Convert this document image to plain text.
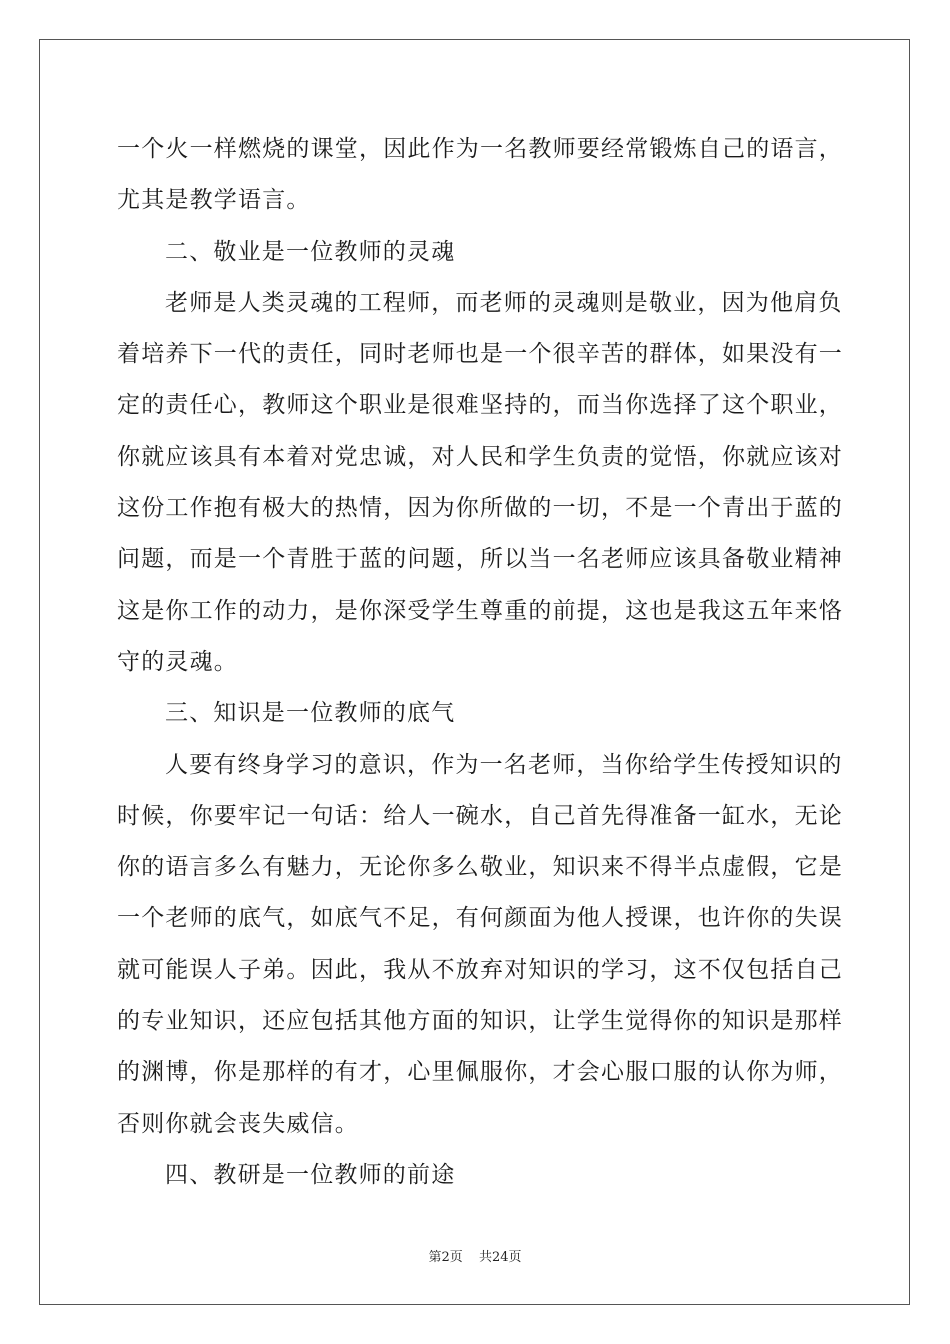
一个火一样燃烧的课堂，因此作为一名教师要经常锻炼自己的语言，
尤其是教学语言。
二、敬业是一位教师的灵魂
老师是人类灵魂的工程师，而老师的灵魂则是敬业，因为他肩负
着培养下一代的责任，同时老师也是一个很辛苦的群体，如果没有一
定的责任心，教师这个职业是很难坚持的，而当你选择了这个职业，
你就应该具有本着对党忠诚，对人民和学生负责的觉悟，你就应该对
这份工作抱有极大的热情，因为你所做的一切，不是一个青出于蓝的
问题，而是一个青胜于蓝的问题，所以当一名老师应该具备敬业精神
这是你工作的动力，是你深受学生尊重的前提，这也是我这五年来恪
守的灵魂。
三、知识是一位教师的底气
人要有终身学习的意识，作为一名老师，当你给学生传授知识的
时候，你要牢记一句话：给人一碗水，自己首先得准备一缸水，无论
你的语言多么有魅力，无论你多么敬业，知识来不得半点虚假，它是
一个老师的底气，如底气不足，有何颜面为他人授课，也许你的失误
就可能误人子弟。因此，我从不放弃对知识的学习，这不仅包括自己
的专业知识，还应包括其他方面的知识，让学生觉得你的知识是那样
的渊博，你是那样的有才，心里佩服你，才会心服口服的认你为师，
否则你就会丧失威信。
四、教研是一位教师的前途
第2页 共24页
